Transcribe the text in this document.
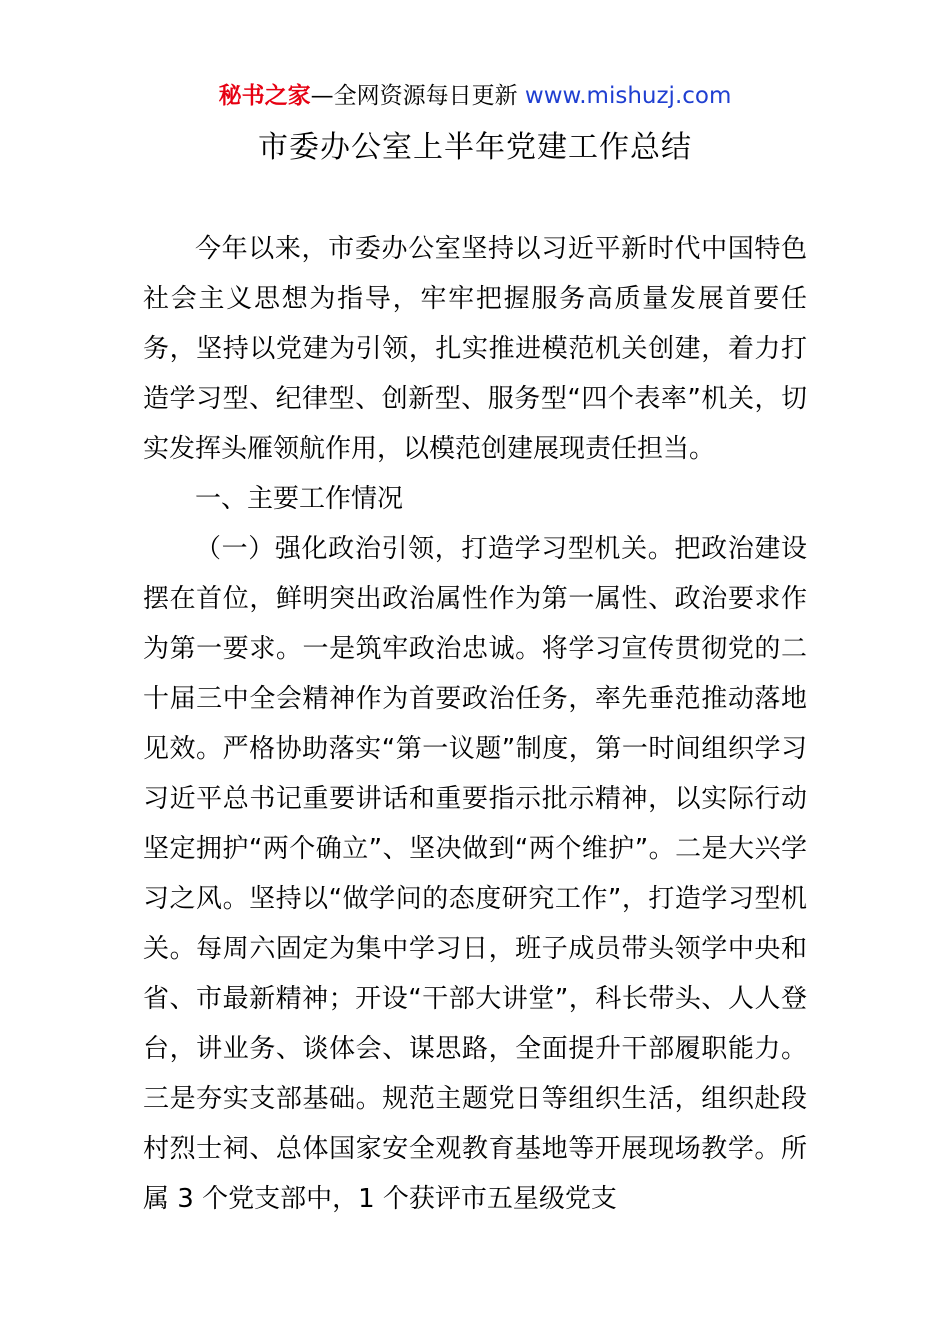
秘书之家—全网资源每日更新 www.mishuzj.com
市委办公室上半年党建工作总结

今年以来，市委办公室坚持以习近平新时代中国特色社会主义思想为指导，牢牢把握服务高质量发展首要任务，坚持以党建为引领，扎实推进模范机关创建，着力打造学习型、纪律型、创新型、服务型“四个表率”机关，切实发挥头雁领航作用，以模范创建展现责任担当。

一、主要工作情况

（一）强化政治引领，打造学习型机关。把政治建设摆在首位，鲜明突出政治属性作为第一属性、政治要求作为第一要求。一是筑牢政治忠诚。将学习宣传贯彻党的二十届三中全会精神作为首要政治任务，率先垂范推动落地见效。严格协助落实“第一议题”制度，第一时间组织学习习近平总书记重要讲话和重要指示批示精神，以实际行动坚定拥护“两个确立”、坚决做到“两个维护”。二是大兴学习之风。坚持以“做学问的态度研究工作”，打造学习型机关。每周六固定为集中学习日，班子成员带头领学中央和省、市最新精神；开设“干部大讲堂”，科长带头、人人登台，讲业务、谈体会、谋思路，全面提升干部履职能力。三是夯实支部基础。规范主题党日等组织生活，组织赴段村烈士祠、总体国家安全观教育基地等开展现场教学。所属 3 个党支部中，1 个获评市五星级党支
